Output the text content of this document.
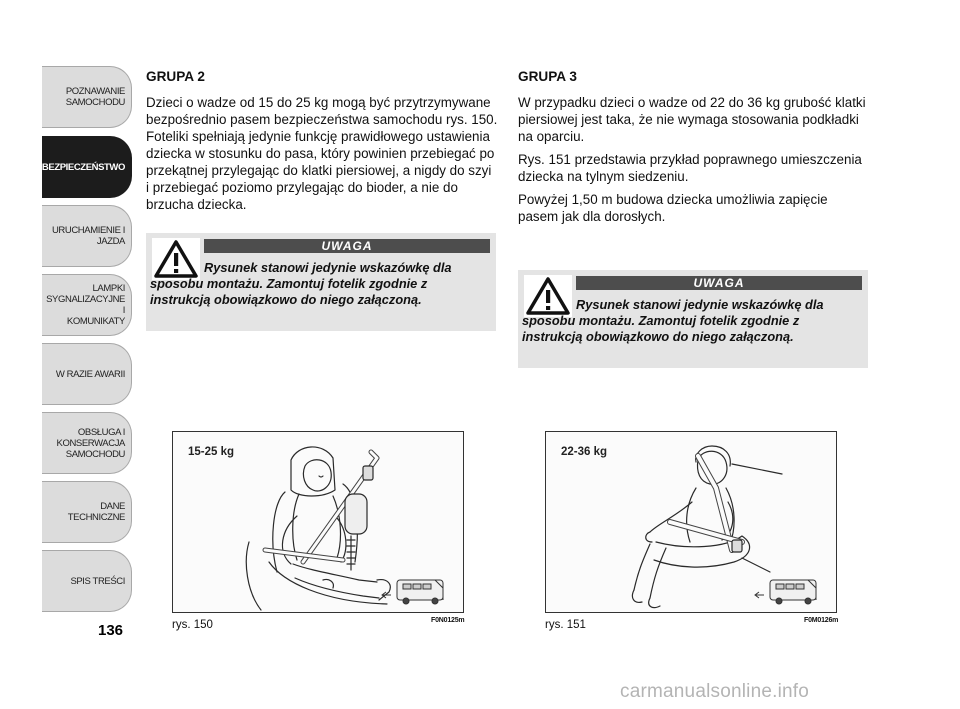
POZNAWANIE
SAMOCHODU
BEZPIECZEŃSTWO
URUCHAMIENIE I
JAZDA
LAMPKI
SYGNALIZACYJNE I
KOMUNIKATY
W RAZIE AWARII
OBSŁUGA I
KONSERWACJA
SAMOCHODU
DANE TECHNICZNE
SPIS TREŚCI
136
GRUPA 2

Dzieci o wadze od 15 do 25 kg mogą być przytrzymywane bezpośrednio pasem bezpieczeństwa samochodu rys. 150. Foteliki spełniają jedynie funkcję prawidłowego ustawienia dziecka w stosunku do pasa, który powinien przebiegać po przekątnej przylegając do klatki piersiowej, a nigdy do szyi i przebiegać poziomo przylegając do bioder, a nie do brzucha dziecka.

UWAGA
Rysunek stanowi jedynie wskazówkę dla sposobu montażu. Zamontuj fotelik zgodnie z instrukcją obowiązkowo do niego załączoną.
15-25 kg
rys. 150	F0N0125m
GRUPA 3

W przypadku dzieci o wadze od 22 do 36 kg grubość klatki piersiowej jest taka, że nie wymaga stosowania podkładki na oparciu.

Rys. 151 przedstawia przykład poprawnego umieszczenia dziecka na tylnym siedzeniu.

Powyżej 1,50 m budowa dziecka umożliwia zapięcie pasem jak dla dorosłych.

UWAGA
Rysunek stanowi jedynie wskazówkę dla sposobu montażu. Zamontuj fotelik zgodnie z instrukcją obowiązkowo do niego załączoną.
22-36 kg
rys. 151	F0M0126m
carmanualsonline.info
